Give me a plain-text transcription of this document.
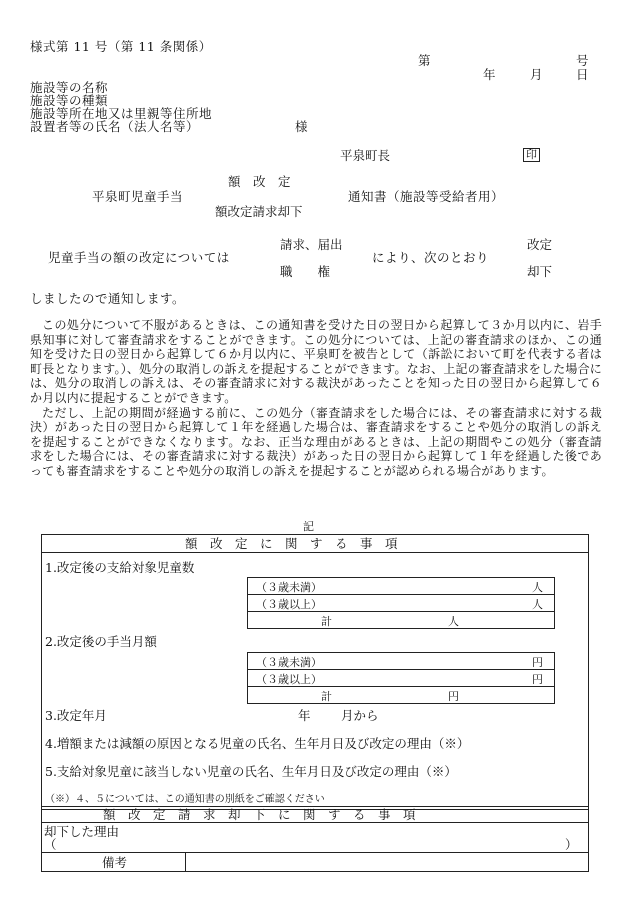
様式第 11 号（第 11 条関係）
第	号
年	月	日
施設等の名称
施設等の種類
施設等所在地又は里親等住所地
設置者等の氏名（法人名等）	様
平泉町長	印
額　改　定
平泉町児童手当	通知書（施設等受給者用）
額改定請求却下
請求、届出	改定
児童手当の額の改定については	により、次のとおり
職　　権	却下
しましたので通知します。

この処分について不服があるときは、この通知書を受けた日の翌日から起算して３か月以内に、岩手県知事に対して審査請求をすることができます。この処分については、上記の審査請求のほか、この通知を受けた日の翌日から起算して６か月以内に、平泉町を被告として（訴訟において町を代表する者は町長となります。）、処分の取消しの訴えを提起することができます。なお、上記の審査請求をした場合には、処分の取消しの訴えは、その審査請求に対する裁決があったことを知った日の翌日から起算して６か月以内に提起することができます。

ただし、上記の期間が経過する前に、この処分（審査請求をした場合には、その審査請求に対する裁決）があった日の翌日から起算して１年を経過した場合は、審査請求をすることや処分の取消しの訴えを提起することができなくなります。なお、正当な理由があるときは、上記の期間やこの処分（審査請求をした場合には、その審査請求に対する裁決）があった日の翌日から起算して１年を経過した後であっても審査請求をすることや処分の取消しの訴えを提起することが認められる場合があります。

記
額　改　定　に　関　す　る　事　項
1.改定後の支給対象児童数
（３歳未満）	人
（３歳以上）	人
計	人
2.改定後の手当月額
（３歳未満）	円
（３歳以上）	円
計	円
3.改定年月	年 月から
4.増額または減額の原因となる児童の氏名、生年月日及び改定の理由（※）
5.支給対象児童に該当しない児童の氏名、生年月日及び改定の理由（※）
（※）４、５については、この通知書の別紙をご確認ください
額　改　定　請　求　却　下　に　関　す　る　事　項
却下した理由
（	）
備考
